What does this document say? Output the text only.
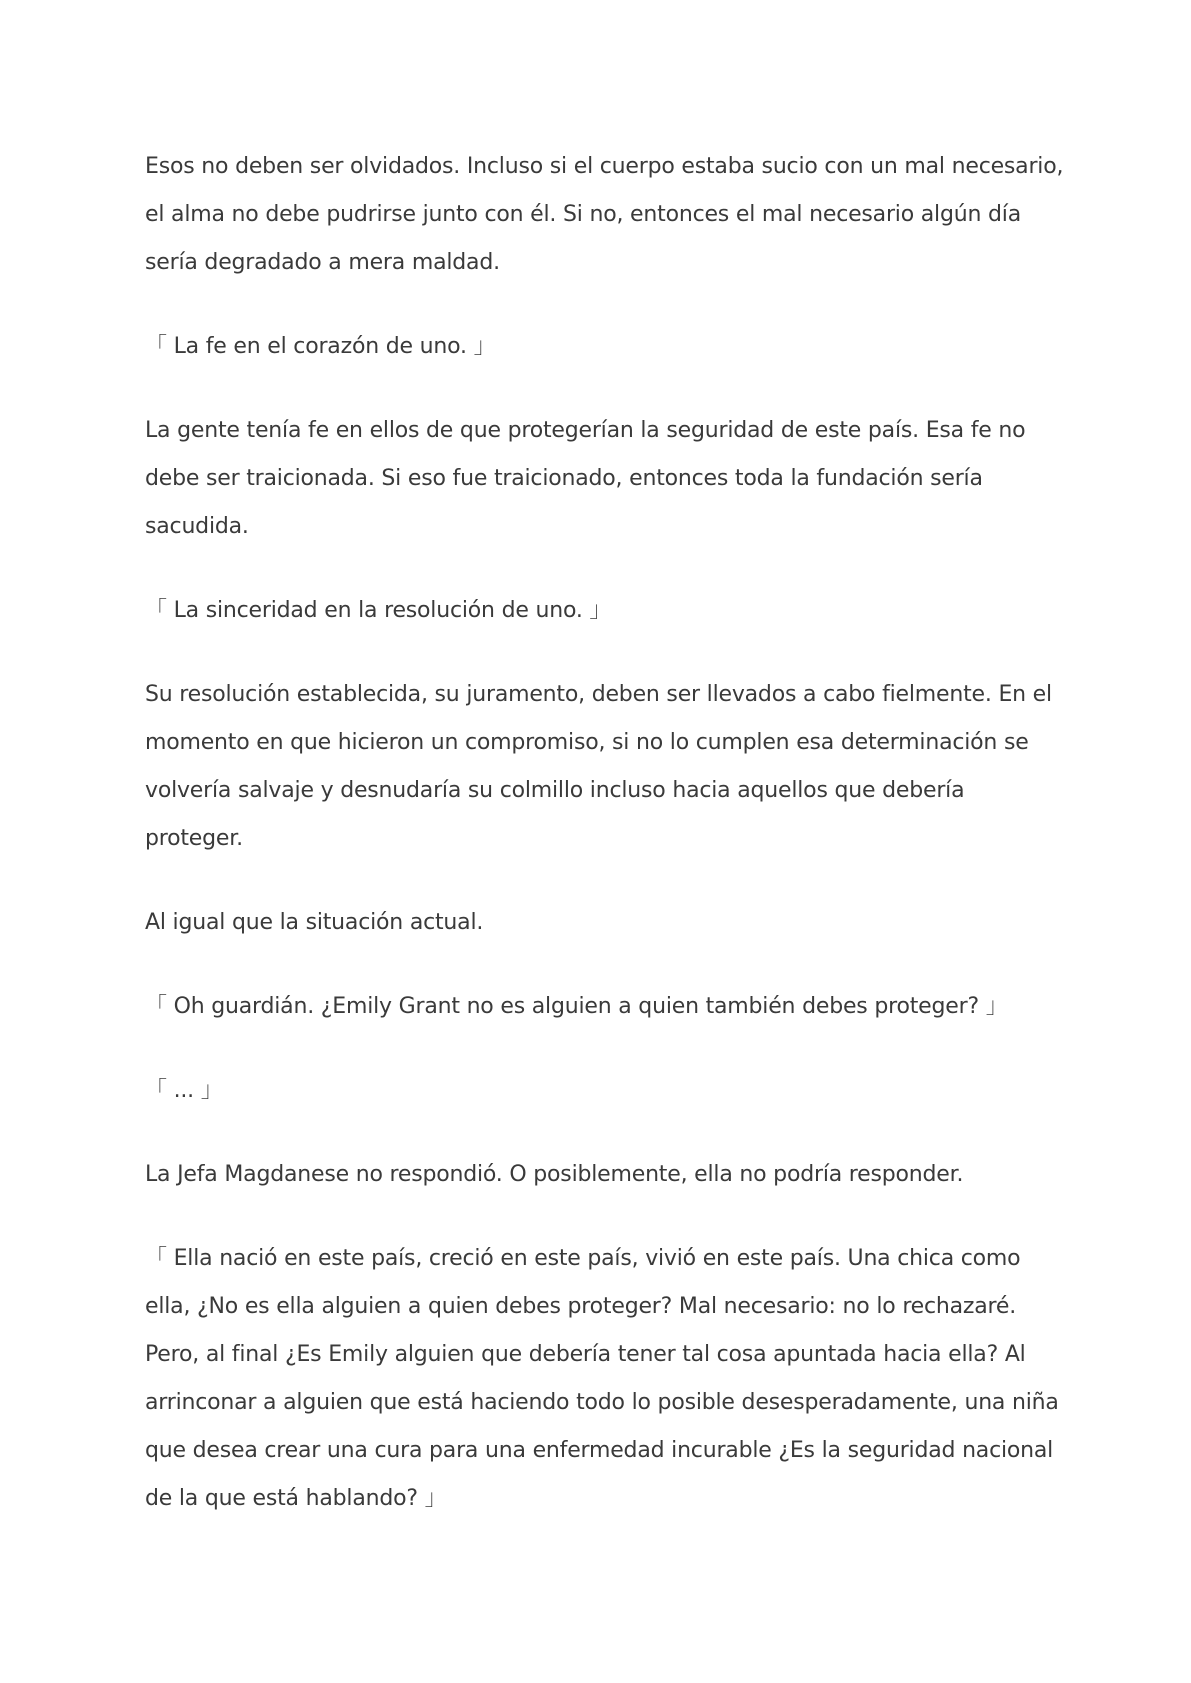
Esos no deben ser olvidados. Incluso si el cuerpo estaba sucio con un mal necesario, el alma no debe pudrirse junto con él. Si no, entonces el mal necesario algún día sería degradado a mera maldad.

「 La fe en el corazón de uno. 」

La gente tenía fe en ellos de que protegerían la seguridad de este país. Esa fe no debe ser traicionada. Si eso fue traicionado, entonces toda la fundación sería sacudida.

「 La sinceridad en la resolución de uno. 」

Su resolución establecida, su juramento, deben ser llevados a cabo fielmente. En el momento en que hicieron un compromiso, si no lo cumplen esa determinación se volvería salvaje y desnudaría su colmillo incluso hacia aquellos que debería proteger.

Al igual que la situación actual.

「 Oh guardián. ¿Emily Grant no es alguien a quien también debes proteger? 」

「 ... 」

La Jefa Magdanese no respondió. O posiblemente, ella no podría responder.

「 Ella nació en este país, creció en este país, vivió en este país. Una chica como ella, ¿No es ella alguien a quien debes proteger? Mal necesario: no lo rechazaré. Pero, al final ¿Es Emily alguien que debería tener tal cosa apuntada hacia ella? Al arrinconar a alguien que está haciendo todo lo posible desesperadamente, una niña que desea crear una cura para una enfermedad incurable ¿Es la seguridad nacional de la que está hablando? 」
